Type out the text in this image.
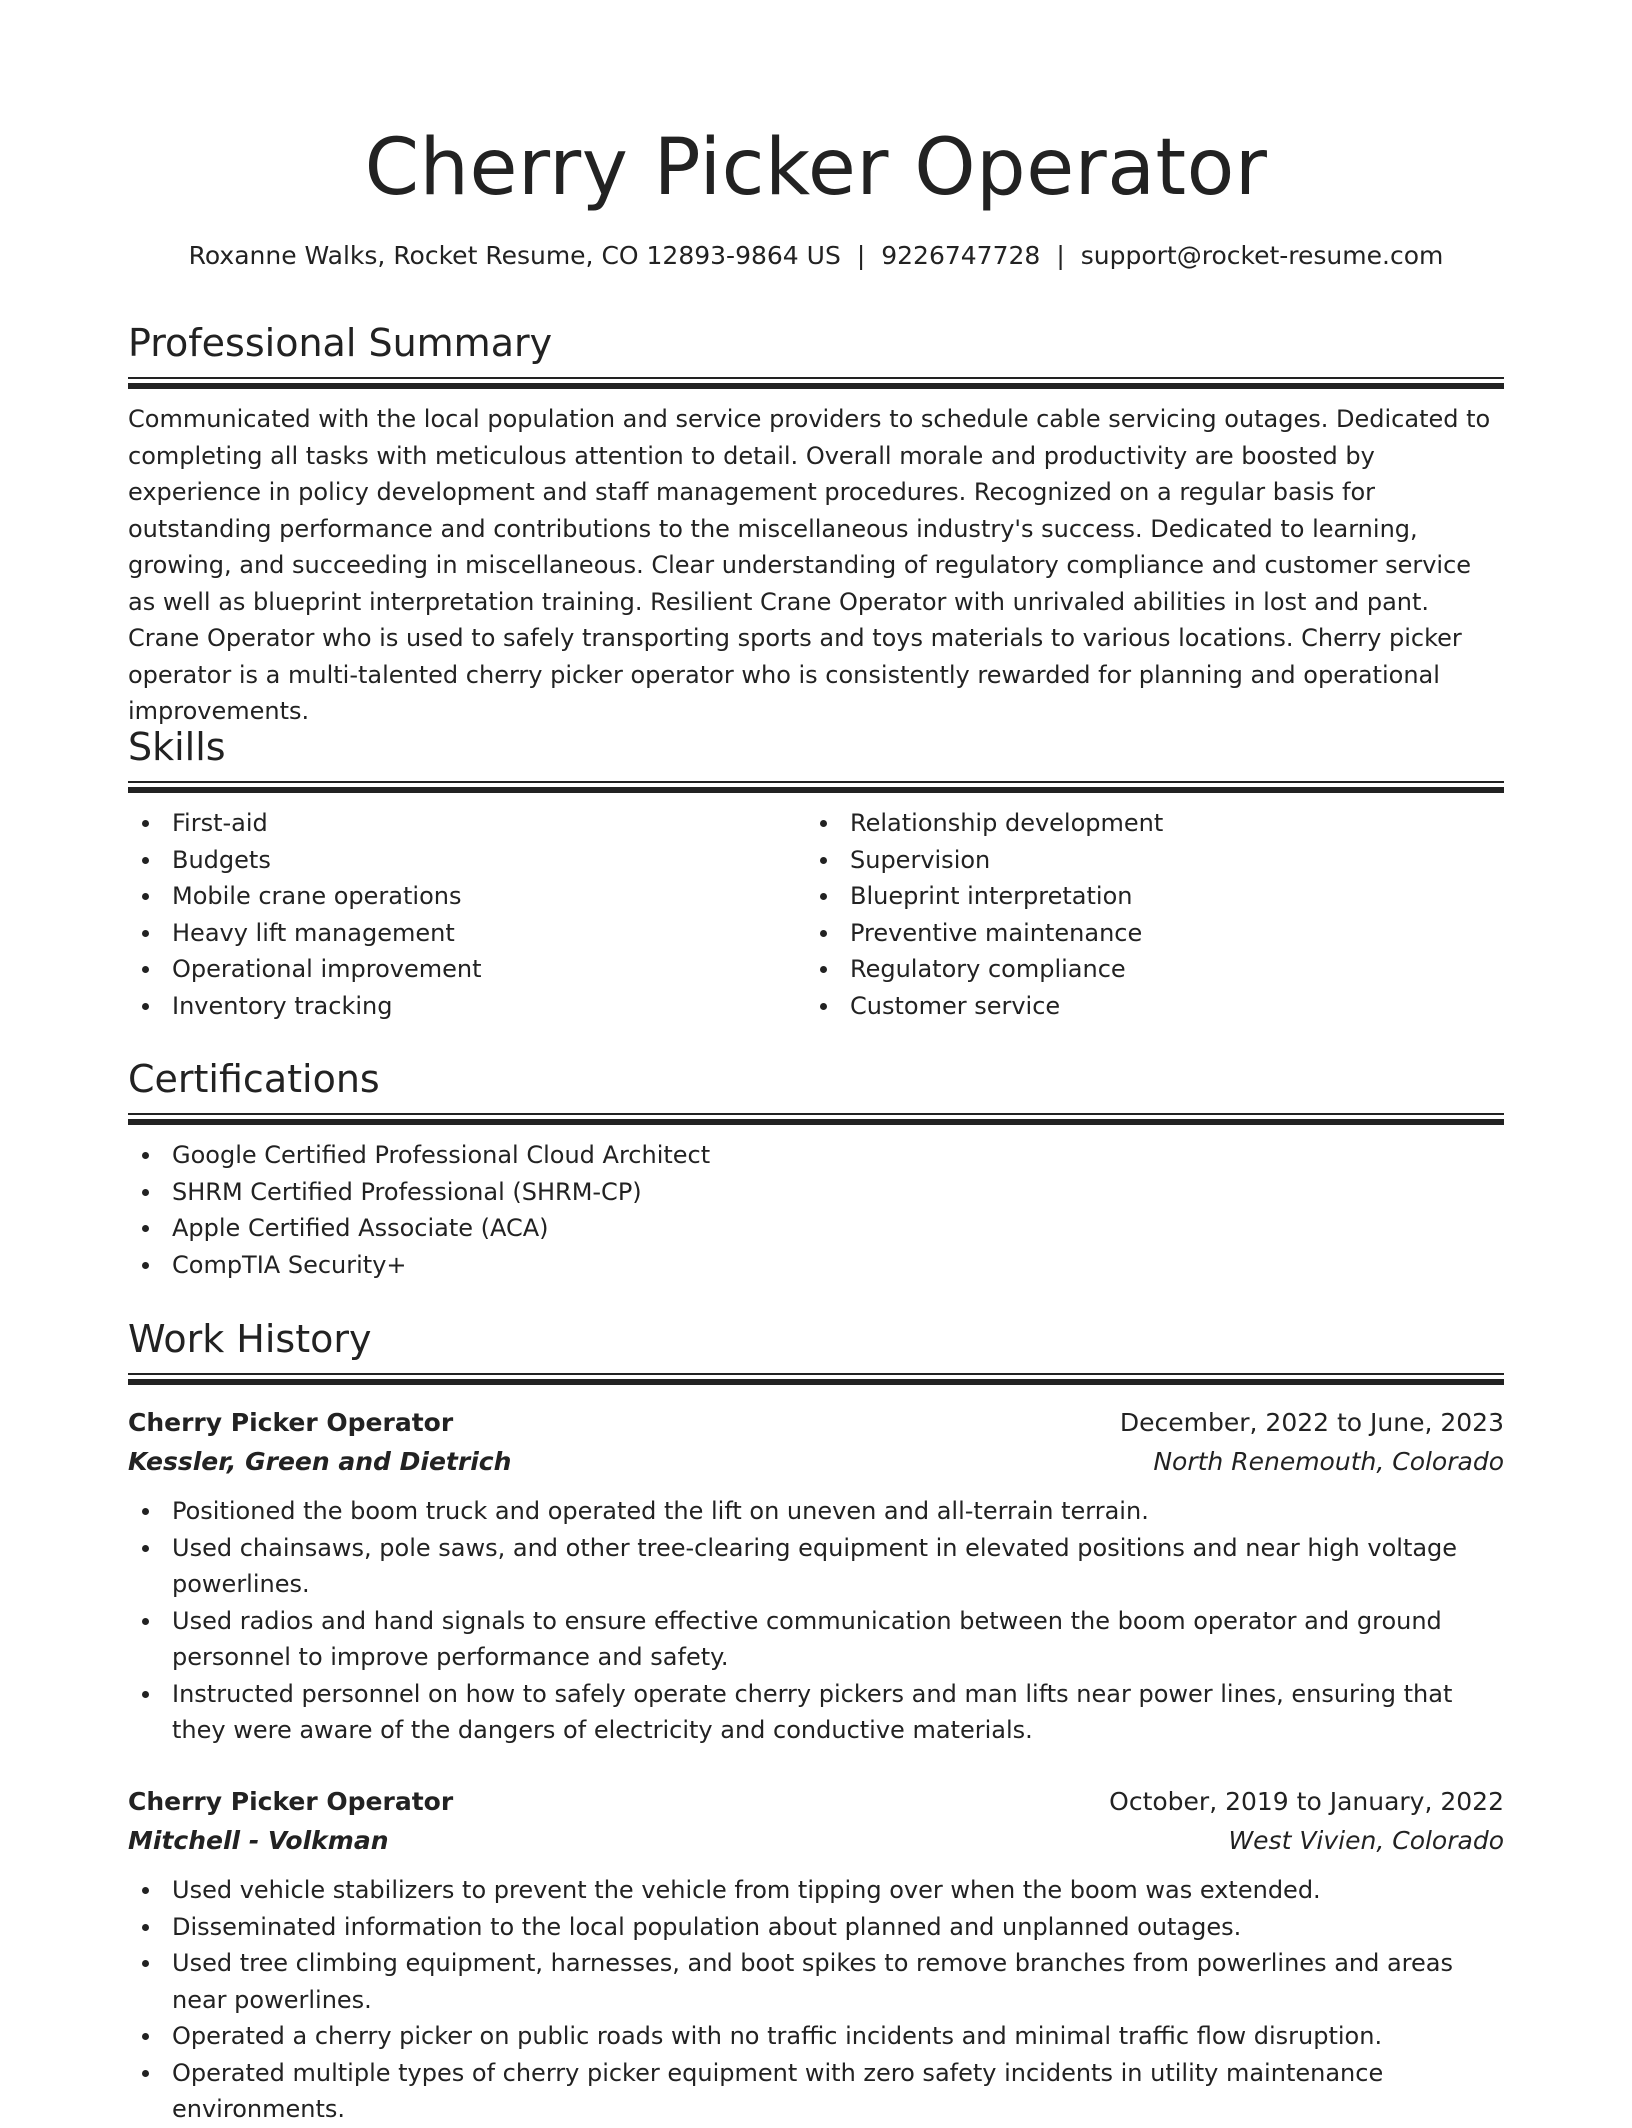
Cherry Picker Operator
Roxanne Walks, Rocket Resume, CO 12893-9864 US | 9226747728 | support@rocket-resume.com
Professional Summary

Communicated with the local population and service providers to schedule cable servicing outages. Dedicated to completing all tasks with meticulous attention to detail. Overall morale and productivity are boosted by experience in policy development and staff management procedures. Recognized on a regular basis for outstanding performance and contributions to the miscellaneous industry's success. Dedicated to learning, growing, and succeeding in miscellaneous. Clear understanding of regulatory compliance and customer service as well as blueprint interpretation training. Resilient Crane Operator with unrivaled abilities in lost and pant. Crane Operator who is used to safely transporting sports and toys materials to various locations. Cherry picker operator is a multi-talented cherry picker operator who is consistently rewarded for planning and operational improvements.

Skills
First-aid
Budgets
Mobile crane operations
Heavy lift management
Operational improvement
Inventory tracking
Relationship development
Supervision
Blueprint interpretation
Preventive maintenance
Regulatory compliance
Customer service
Certifications
Google Certified Professional Cloud Architect
SHRM Certified Professional (SHRM-CP)
Apple Certified Associate (ACA)
CompTIA Security+
Work History
Cherry Picker Operator	December, 2022 to June, 2023
Kessler, Green and Dietrich	North Renemouth, Colorado
Positioned the boom truck and operated the lift on uneven and all-terrain terrain.
Used chainsaws, pole saws, and other tree-clearing equipment in elevated positions and near high voltage powerlines.
Used radios and hand signals to ensure effective communication between the boom operator and ground personnel to improve performance and safety.
Instructed personnel on how to safely operate cherry pickers and man lifts near power lines, ensuring that they were aware of the dangers of electricity and conductive materials.
Cherry Picker Operator	October, 2019 to January, 2022
Mitchell - Volkman	West Vivien, Colorado
Used vehicle stabilizers to prevent the vehicle from tipping over when the boom was extended.
Disseminated information to the local population about planned and unplanned outages.
Used tree climbing equipment, harnesses, and boot spikes to remove branches from powerlines and areas near powerlines.
Operated a cherry picker on public roads with no traffic incidents and minimal traffic flow disruption.
Operated multiple types of cherry picker equipment with zero safety incidents in utility maintenance environments.
